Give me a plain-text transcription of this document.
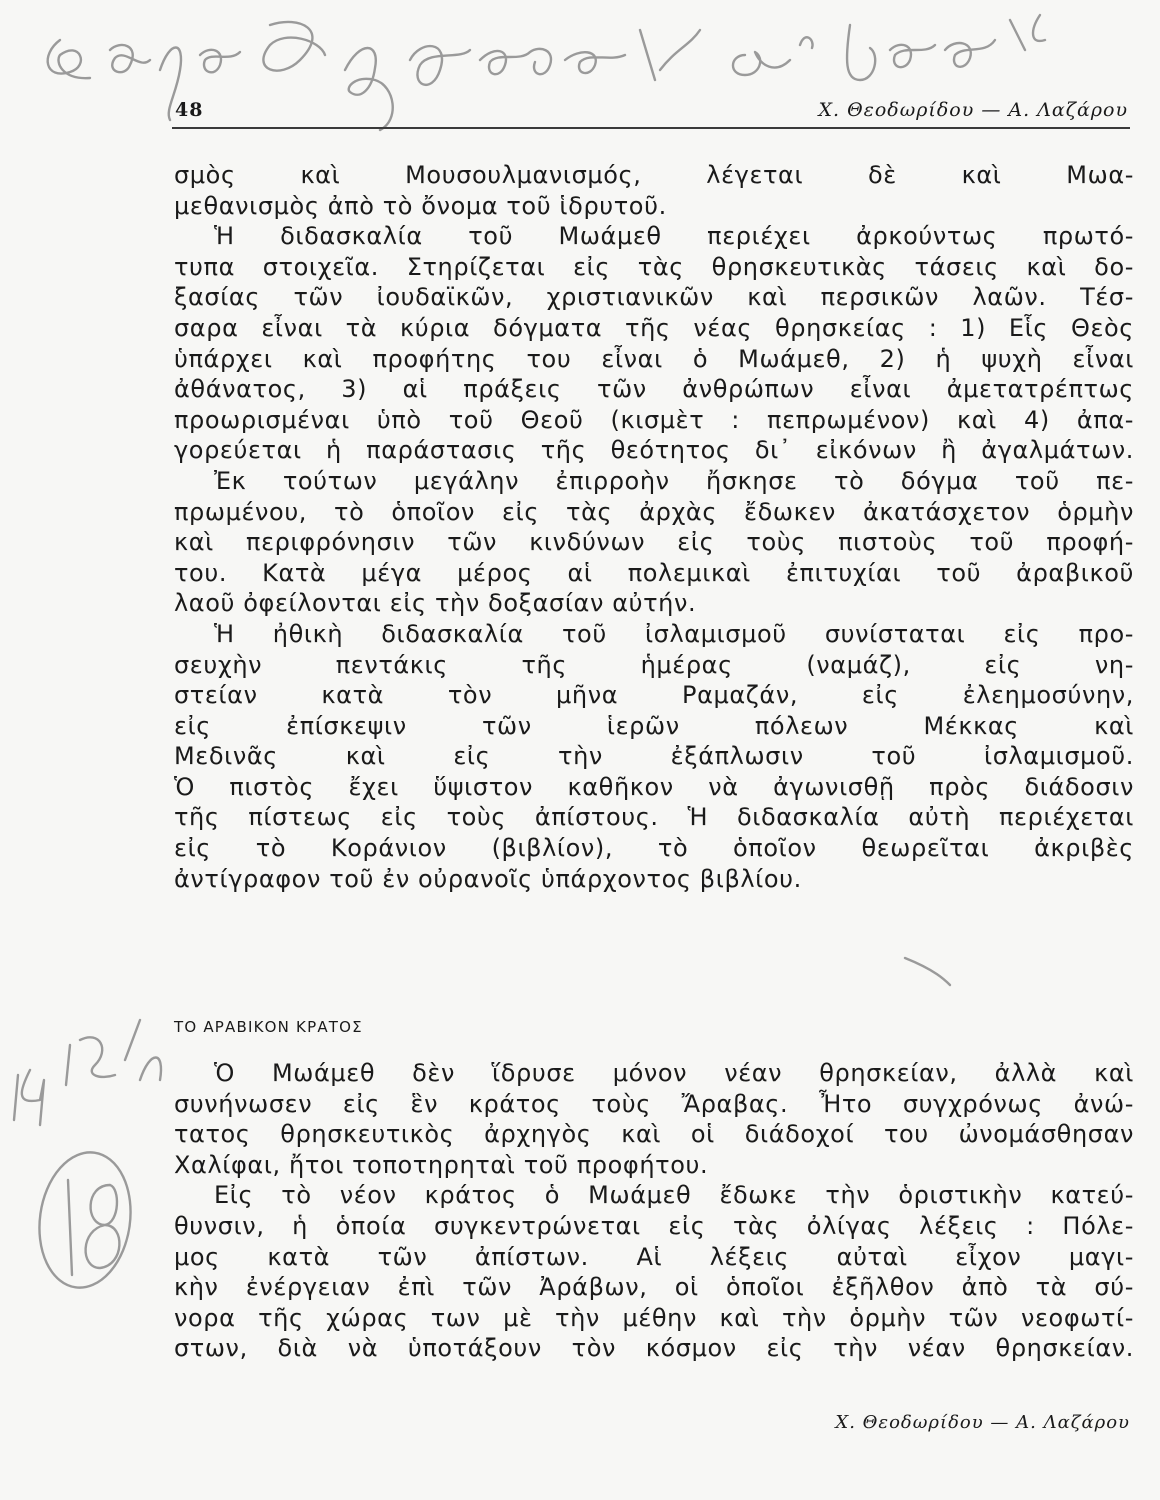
48	Χ. Θεοδωρίδου — Α. Λαζάρου
σμὸς καὶ Μουσουλμανισμός, λέγεται δὲ καὶ Μωα-
μεθανισμὸς ἀπὸ τὸ ὄνομα τοῦ ἱδρυτοῦ.
Ἡ διδασκαλία τοῦ Μωάμεθ περιέχει ἀρκούντως πρωτό-
τυπα στοιχεῖα. Στηρίζεται εἰς τὰς θρησκευτικὰς τάσεις καὶ δο-
ξασίας τῶν ἰουδαϊκῶν, χριστιανικῶν καὶ περσικῶν λαῶν. Τέσ-
σαρα εἶναι τὰ κύρια δόγματα τῆς νέας θρησκείας : 1) Εἷς Θεὸς
ὑπάρχει καὶ προφήτης του εἶναι ὁ Μωάμεθ, 2) ἡ ψυχὴ εἶναι
ἀθάνατος, 3) αἱ πράξεις τῶν ἀνθρώπων εἶναι ἀμετατρέπτως
προωρισμέναι ὑπὸ τοῦ Θεοῦ (κισμὲτ : πεπρωμένον) καὶ 4) ἀπα-
γορεύεται ἡ παράστασις τῆς θεότητος δι᾿ εἰκόνων ἢ ἀγαλμάτων.
Ἐκ τούτων μεγάλην ἐπιρροὴν ἤσκησε τὸ δόγμα τοῦ πε-
πρωμένου, τὸ ὁποῖον εἰς τὰς ἀρχὰς ἔδωκεν ἀκατάσχετον ὁρμὴν
καὶ περιφρόνησιν τῶν κινδύνων εἰς τοὺς πιστοὺς τοῦ προφή-
του. Κατὰ μέγα μέρος αἱ πολεμικαὶ ἐπιτυχίαι τοῦ ἀραβικοῦ
λαοῦ ὀφείλονται εἰς τὴν δοξασίαν αὐτήν.
Ἡ ἠθικὴ διδασκαλία τοῦ ἰσλαμισμοῦ συνίσταται εἰς προ-
σευχὴν πεντάκις τῆς ἡμέρας (ναμάζ), εἰς νη-
στείαν κατὰ τὸν μῆνα Ραμαζάν, εἰς ἐλεημοσύνην,
εἰς ἐπίσκεψιν τῶν ἱερῶν πόλεων Μέκκας καὶ
Μεδινᾶς καὶ εἰς τὴν ἐξάπλωσιν τοῦ ἰσλαμισμοῦ.
Ὁ πιστὸς ἔχει ὕψιστον καθῆκον νὰ ἀγωνισθῇ πρὸς διάδοσιν
τῆς πίστεως εἰς τοὺς ἀπίστους. Ἡ διδασκαλία αὐτὴ περιέχεται
εἰς τὸ Κοράνιον (βιβλίον), τὸ ὁποῖον θεωρεῖται ἀκριβὲς
ἀντίγραφον τοῦ ἐν οὐρανοῖς ὑπάρχοντος βιβλίου.
ΤΟ ΑΡΑΒΙΚΟΝ ΚΡΑΤΟΣ
Ὁ Μωάμεθ δὲν ἵδρυσε μόνον νέαν θρησκείαν, ἀλλὰ καὶ
συνήνωσεν εἰς ἓν κράτος τοὺς Ἄραβας. Ἦτο συγχρόνως ἀνώ-
τατος θρησκευτικὸς ἀρχηγὸς καὶ οἱ διάδοχοί του ὠνομάσθησαν
Χαλίφαι, ἤτοι τοποτηρηταὶ τοῦ προφήτου.
Εἰς τὸ νέον κράτος ὁ Μωάμεθ ἔδωκε τὴν ὁριστικὴν κατεύ-
θυνσιν, ἡ ὁποία συγκεντρώνεται εἰς τὰς ὀλίγας λέξεις : Πόλε-
μος κατὰ τῶν ἀπίστων. Αἱ λέξεις αὐταὶ εἶχον μαγι-
κὴν ἐνέργειαν ἐπὶ τῶν Ἀράβων, οἱ ὁποῖοι ἐξῆλθον ἀπὸ τὰ σύ-
νορα τῆς χώρας των μὲ τὴν μέθην καὶ τὴν ὁρμὴν τῶν νεοφωτί-
στων, διὰ νὰ ὑποτάξουν τὸν κόσμον εἰς τὴν νέαν θρησκείαν.
Χ. Θεοδωρίδου — Α. Λαζάρου
